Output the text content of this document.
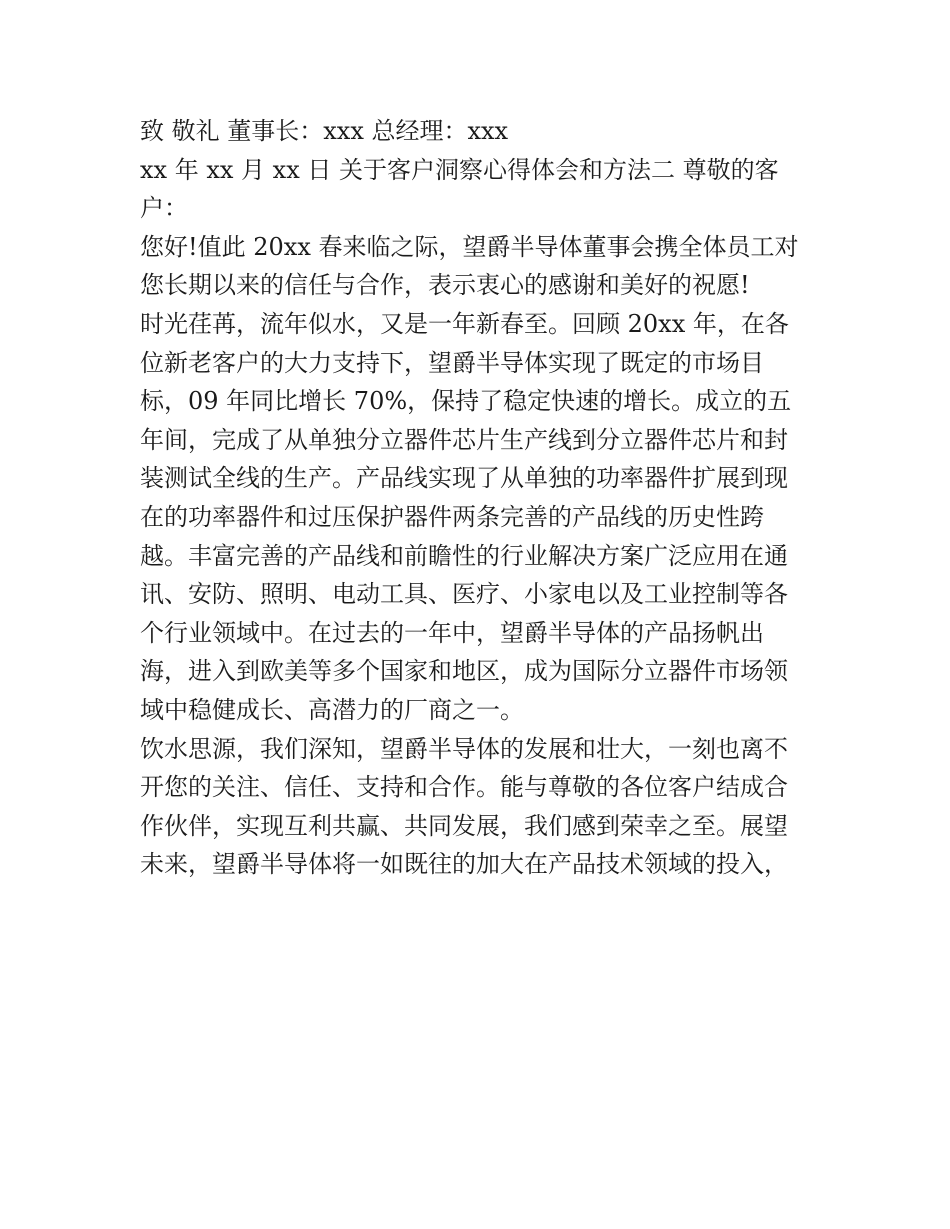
致 敬礼 董事长：xxx 总经理：xxx
xx 年 xx 月 xx 日 关于客户洞察心得体会和方法二 尊敬的客
户：
您好!值此 20xx 春来临之际，望爵半导体董事会携全体员工对
您长期以来的信任与合作，表示衷心的感谢和美好的祝愿!
时光荏苒，流年似水，又是一年新春至。回顾 20xx 年，在各
位新老客户的大力支持下，望爵半导体实现了既定的市场目
标，09 年同比增长 70%，保持了稳定快速的增长。成立的五
年间，完成了从单独分立器件芯片生产线到分立器件芯片和封
装测试全线的生产。产品线实现了从单独的功率器件扩展到现
在的功率器件和过压保护器件两条完善的产品线的历史性跨
越。丰富完善的产品线和前瞻性的行业解决方案广泛应用在通
讯、安防、照明、电动工具、医疗、小家电以及工业控制等各
个行业领域中。在过去的一年中，望爵半导体的产品扬帆出
海，进入到欧美等多个国家和地区，成为国际分立器件市场领
域中稳健成长、高潜力的厂商之一。
饮水思源，我们深知，望爵半导体的发展和壮大，一刻也离不
开您的关注、信任、支持和合作。能与尊敬的各位客户结成合
作伙伴，实现互利共赢、共同发展，我们感到荣幸之至。展望
未来，望爵半导体将一如既往的加大在产品技术领域的投入，
